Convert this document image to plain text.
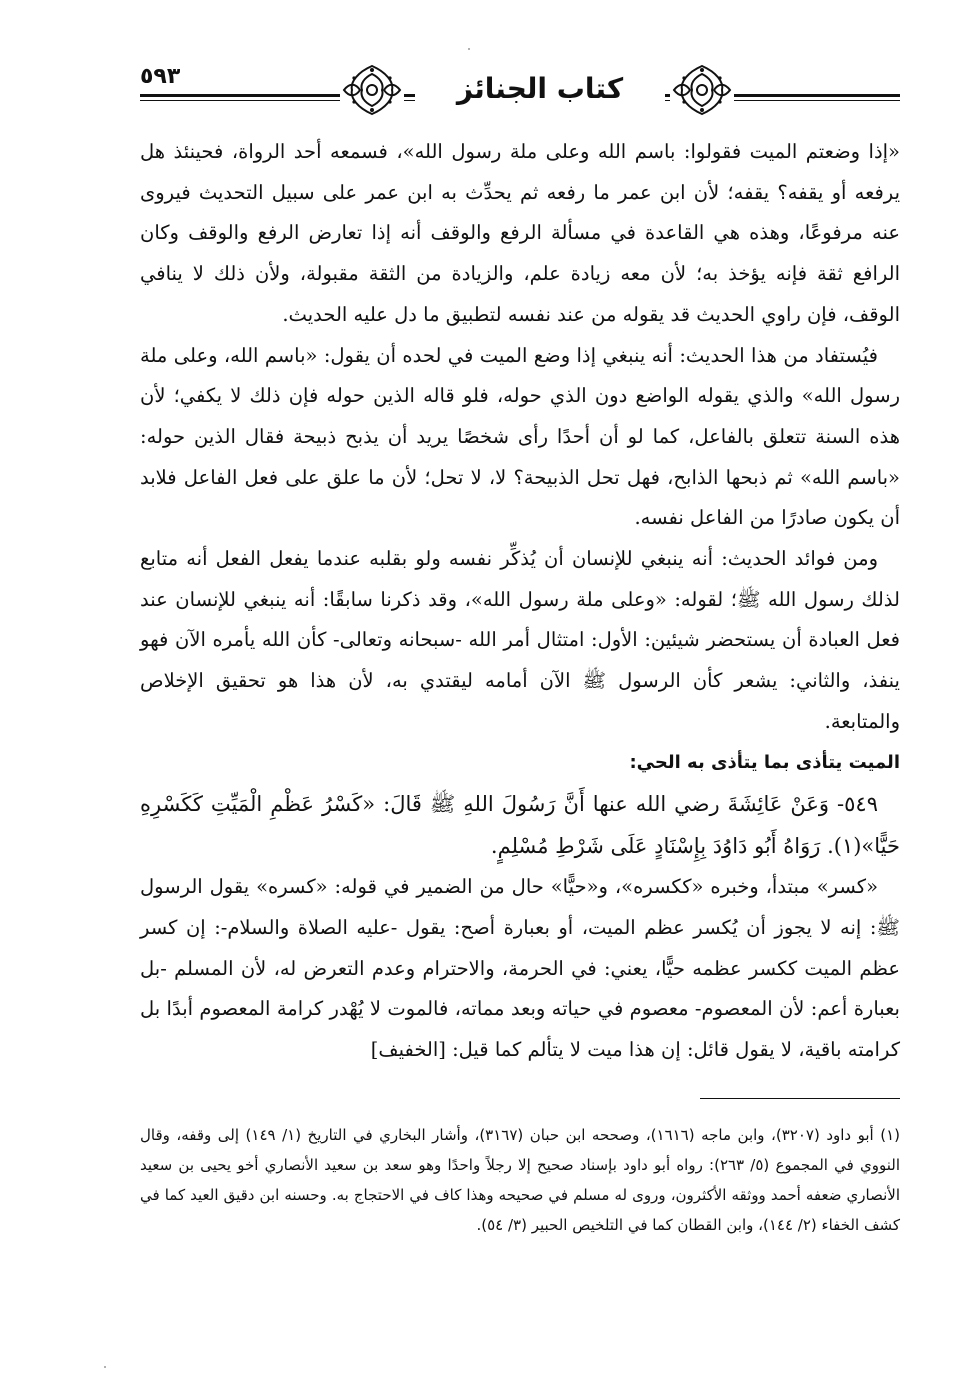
٥٩٣	كتاب الجنائز

«إذا وضعتم الميت فقولوا: باسم الله وعلى ملة رسول الله»، فسمعه أحد الرواة، فحينئذ هل يرفعه أو يقفه؟ يقفه؛ لأن ابن عمر ما رفعه ثم يحدِّث به ابن عمر على سبيل التحديث فيروى عنه مرفوعًا، وهذه هي القاعدة في مسألة الرفع والوقف أنه إذا تعارض الرفع والوقف وكان الرافع ثقة فإنه يؤخذ به؛ لأن معه زيادة علم، والزيادة من الثقة مقبولة، ولأن ذلك لا ينافي الوقف، فإن راوي الحديث قد يقوله من عند نفسه لتطبيق ما دل عليه الحديث.

فيُستفاد من هذا الحديث: أنه ينبغي إذا وضع الميت في لحده أن يقول: «باسم الله، وعلى ملة رسول الله» والذي يقوله الواضع دون الذي حوله، فلو قاله الذين حوله فإن ذلك لا يكفي؛ لأن هذه السنة تتعلق بالفاعل، كما لو أن أحدًا رأى شخصًا يريد أن يذبح ذبيحة فقال الذين حوله: «باسم الله» ثم ذبحها الذابح، فهل تحل الذبيحة؟ لا، لا تحل؛ لأن ما علق على فعل الفاعل فلابد أن يكون صادرًا من الفاعل نفسه.

ومن فوائد الحديث: أنه ينبغي للإنسان أن يُذكِّر نفسه ولو بقلبه عندما يفعل الفعل أنه متابع لذلك رسول الله ﷺ؛ لقوله: «وعلى ملة رسول الله»، وقد ذكرنا سابقًا: أنه ينبغي للإنسان عند فعل العبادة أن يستحضر شيئين: الأول: امتثال أمر الله -سبحانه وتعالى- كأن الله يأمره الآن فهو ينفذ، والثاني: يشعر كأن الرسول ﷺ الآن أمامه ليقتدي به، لأن هذا هو تحقيق الإخلاص والمتابعة.

الميت يتأذى بما يتأذى به الحي:

٥٤٩- وَعَنْ عَائِشَةَ رضي الله عنها أَنَّ رَسُولَ اللهِ ﷺ قَالَ: «كَسْرُ عَظْمِ الْمَيِّتِ كَكَسْرِهِ حَيًّا»(١). رَوَاهُ أَبُو دَاوُدَ بِإِسْنَادٍ عَلَى شَرْطِ مُسْلِمٍ.

«كسر» مبتدأ، وخبره «ككسره»، و«حيًّا» حال من الضمير في قوله: «كسره» يقول الرسول ﷺ: إنه لا يجوز أن يُكسر عظم الميت، أو بعبارة أصح: يقول -عليه الصلاة والسلام-: إن كسر عظم الميت ككسر عظمه حيًّا، يعني: في الحرمة، والاحترام وعدم التعرض له، لأن المسلم -بل بعبارة أعم: لأن المعصوم- معصوم في حياته وبعد مماته، فالموت لا يُهْدر كرامة المعصوم أبدًا بل كرامته باقية، لا يقول قائل: إن هذا ميت لا يتألم كما قيل: [الخفيف]

(١) أبو داود (٣٢٠٧)، وابن ماجه (١٦١٦)، وصححه ابن حبان (٣١٦٧)، وأشار البخاري في التاريخ (١/ ١٤٩) إلى وقفه، وقال النووي في المجموع (٥/ ٢٦٣): رواه أبو داود بإسناد صحيح إلا رجلاً واحدًا وهو سعد بن سعيد الأنصاري أخو يحيى بن سعيد الأنصاري ضعفه أحمد ووثقه الأكثرون، وروى له مسلم في صحيحه وهذا كاف في الاحتجاج به. وحسنه ابن دقيق العيد كما في كشف الخفاء (٢/ ١٤٤)، وابن القطان كما في التلخيص الحبير (٣/ ٥٤).
